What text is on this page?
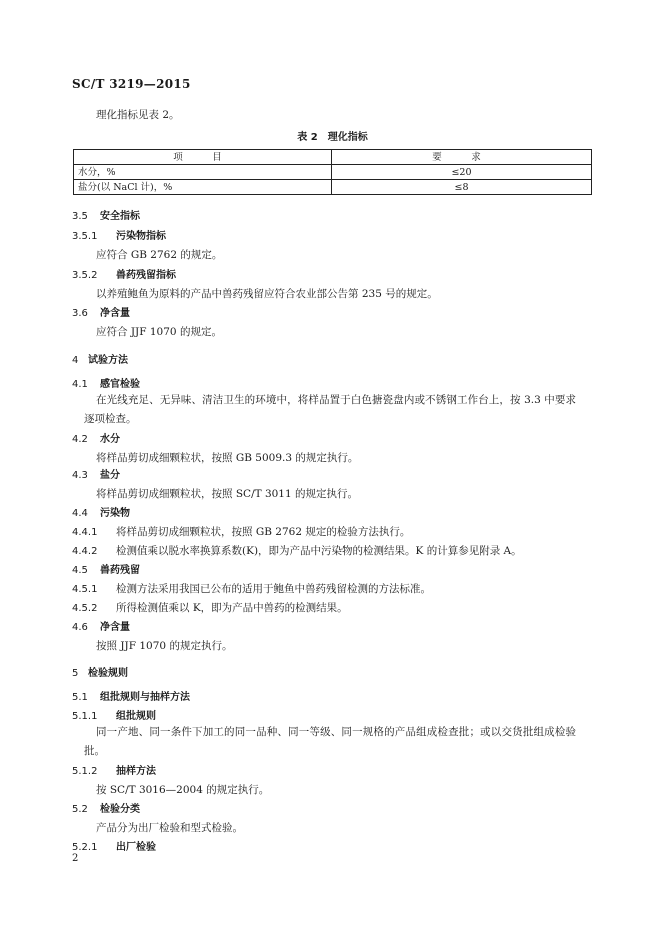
SC/T 3219—2015
理化指标见表 2。
表 2　理化指标
项　目	要　求
水分，%	≤20
盐分(以 NaCl 计)，%	≤8
3.5 安全指标
3.5.1 污染物指标
应符合 GB 2762 的规定。
3.5.2 兽药残留指标
以养殖鲍鱼为原料的产品中兽药残留应符合农业部公告第 235 号的规定。
3.6 净含量
应符合 JJF 1070 的规定。
4 试验方法
4.1 感官检验
在光线充足、无异味、清洁卫生的环境中，将样品置于白色搪瓷盘内或不锈钢工作台上，按 3.3 中要求逐项检查。
4.2 水分
将样品剪切成细颗粒状，按照 GB 5009.3 的规定执行。
4.3 盐分
将样品剪切成细颗粒状，按照 SC/T 3011 的规定执行。
4.4 污染物
4.4.1 将样品剪切成细颗粒状，按照 GB 2762 规定的检验方法执行。
4.4.2 检测值乘以脱水率换算系数(K)，即为产品中污染物的检测结果。K 的计算参见附录 A。
4.5 兽药残留
4.5.1 检测方法采用我国已公布的适用于鲍鱼中兽药残留检测的方法标准。
4.5.2 所得检测值乘以 K，即为产品中兽药的检测结果。
4.6 净含量
按照 JJF 1070 的规定执行。
5 检验规则
5.1 组批规则与抽样方法
5.1.1 组批规则
同一产地、同一条件下加工的同一品种、同一等级、同一规格的产品组成检查批；或以交货批组成检验批。
5.1.2 抽样方法
按 SC/T 3016—2004 的规定执行。
5.2 检验分类
产品分为出厂检验和型式检验。
5.2.1 出厂检验
2
